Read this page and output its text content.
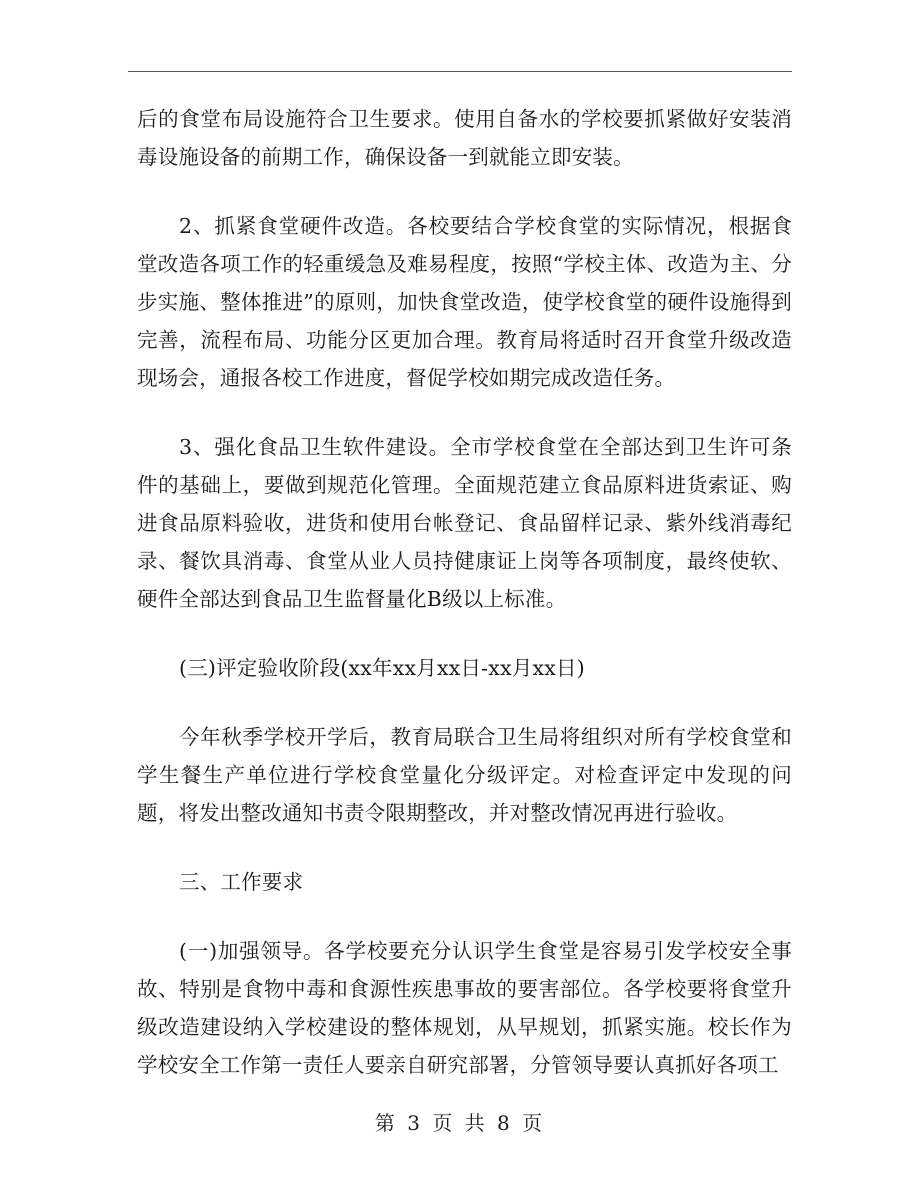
后的食堂布局设施符合卫生要求。使用自备水的学校要抓紧做好安装消毒设施设备的前期工作，确保设备一到就能立即安装。

2、抓紧食堂硬件改造。各校要结合学校食堂的实际情况，根据食堂改造各项工作的轻重缓急及难易程度，按照“学校主体、改造为主、分步实施、整体推进”的原则，加快食堂改造，使学校食堂的硬件设施得到完善，流程布局、功能分区更加合理。教育局将适时召开食堂升级改造现场会，通报各校工作进度，督促学校如期完成改造任务。

3、强化食品卫生软件建设。全市学校食堂在全部达到卫生许可条件的基础上，要做到规范化管理。全面规范建立食品原料进货索证、购进食品原料验收，进货和使用台帐登记、食品留样记录、紫外线消毒纪录、餐饮具消毒、食堂从业人员持健康证上岗等各项制度，最终使软、硬件全部达到食品卫生监督量化B级以上标准。

(三)评定验收阶段(xx年xx月xx日-xx月xx日)

今年秋季学校开学后，教育局联合卫生局将组织对所有学校食堂和学生餐生产单位进行学校食堂量化分级评定。对检查评定中发现的问题，将发出整改通知书责令限期整改，并对整改情况再进行验收。

三、工作要求

(一)加强领导。各学校要充分认识学生食堂是容易引发学校安全事故、特别是食物中毒和食源性疾患事故的要害部位。各学校要将食堂升级改造建设纳入学校建设的整体规划，从早规划，抓紧实施。校长作为学校安全工作第一责任人要亲自研究部署，分管领导要认真抓好各项工

第 3 页 共 8 页
